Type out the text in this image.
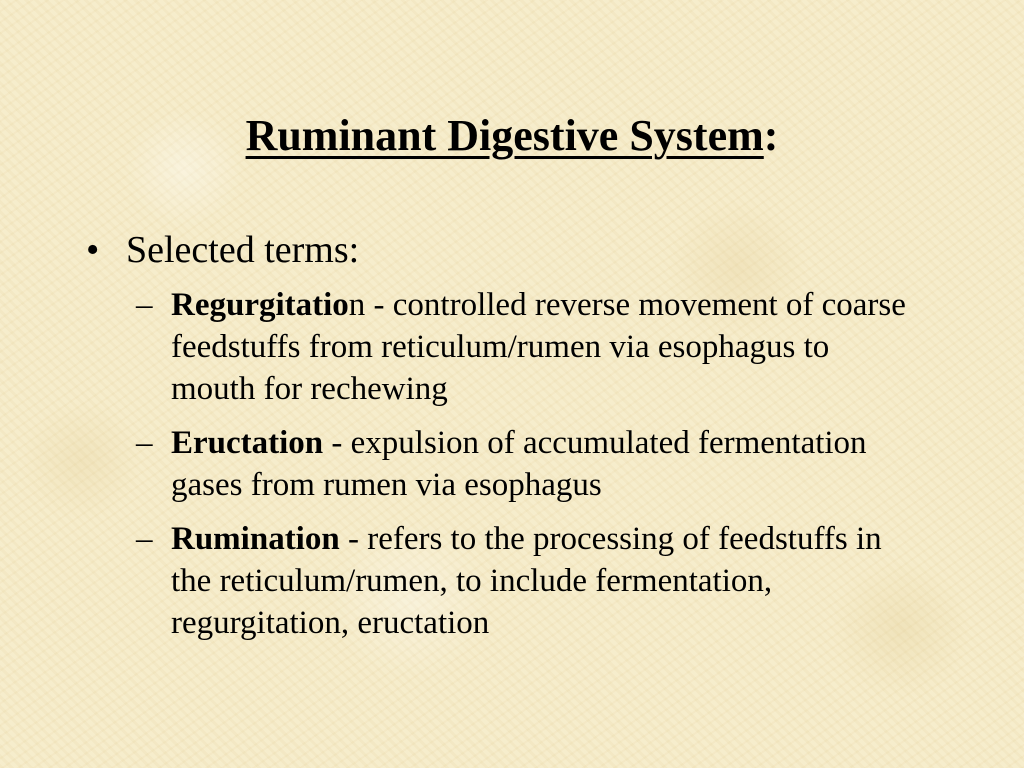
Ruminant Digestive System:
• Selected terms:
– Regurgitation - controlled reverse movement of coarse feedstuffs from reticulum/rumen via esophagus to mouth for rechewing
– Eructation - expulsion of accumulated fermentation gases from rumen via esophagus
– Rumination - refers to the processing of feedstuffs in the reticulum/rumen, to include fermentation, regurgitation, eructation
